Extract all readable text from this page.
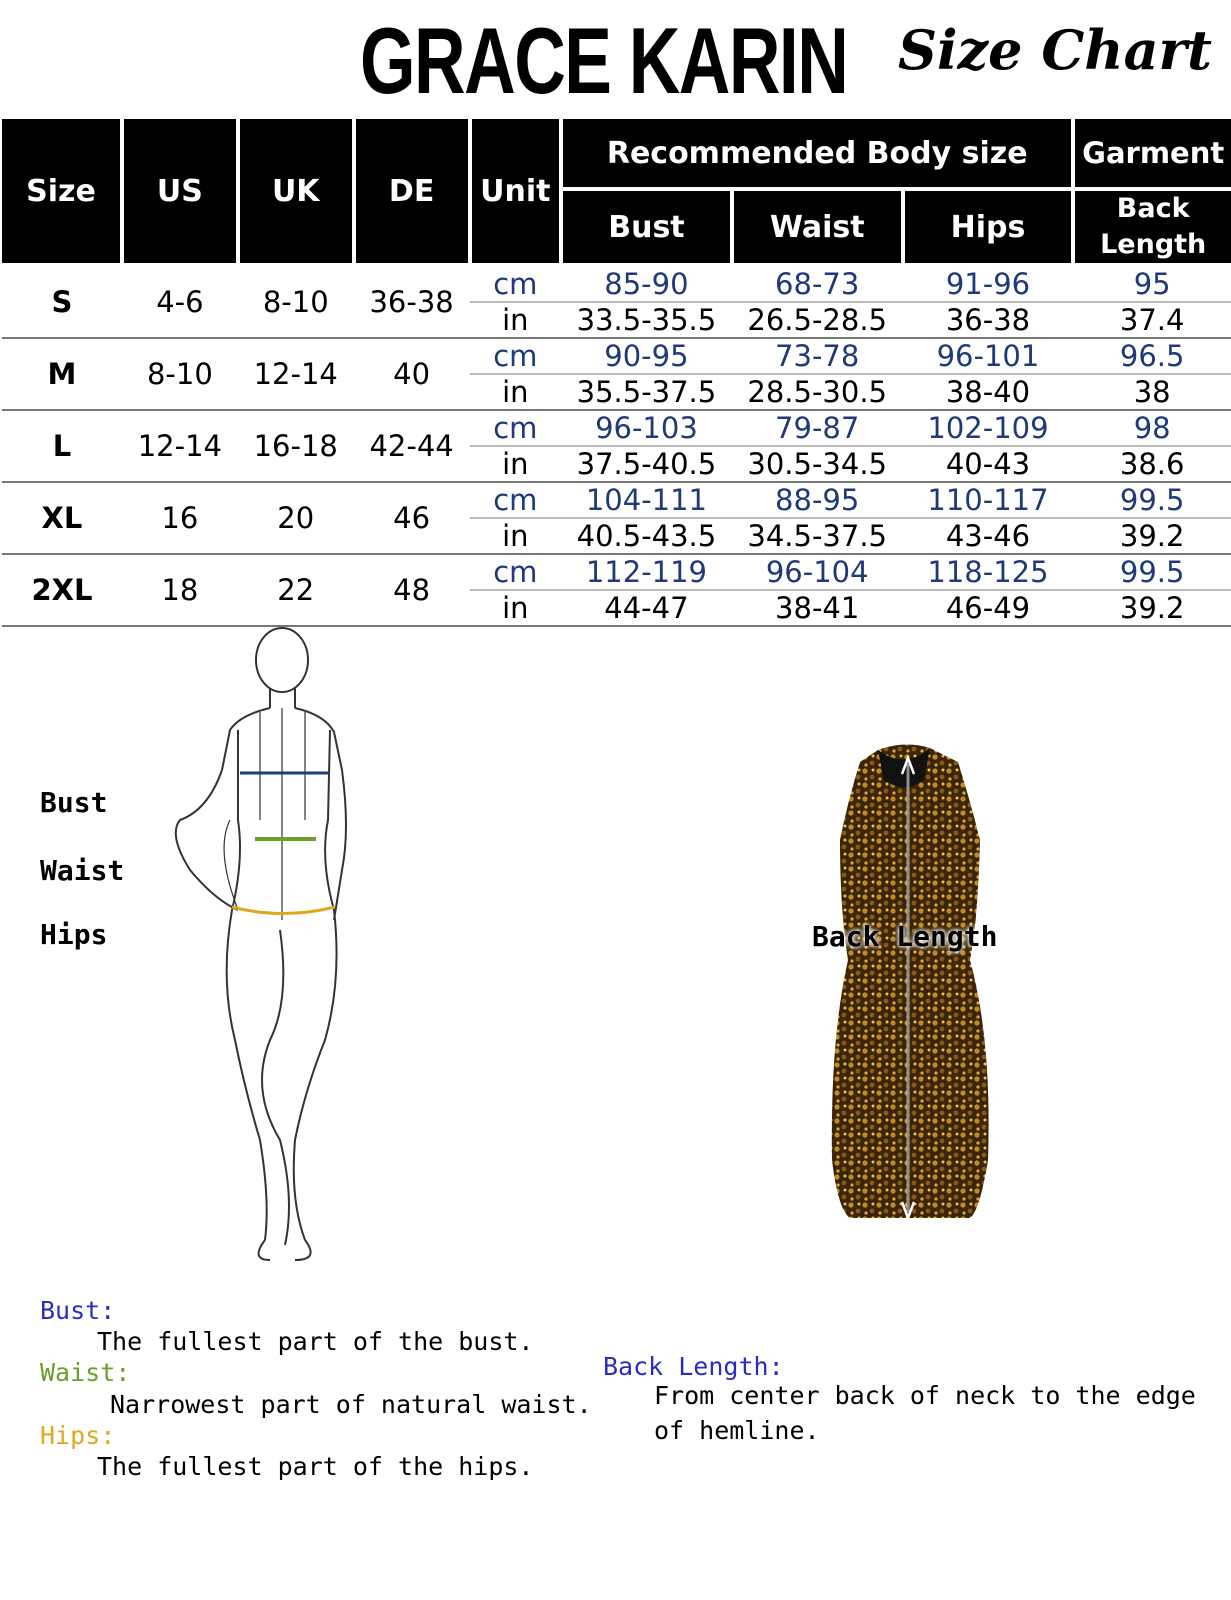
GRACE KARIN Size Chart
Size	US	UK	DE	Unit	Recommended Body size			Garment
					Bust	Waist	Hips	Back Length
S	4-6	8-10	36-38	cm	85-90	68-73	91-96	95
				in	33.5-35.5	26.5-28.5	36-38	37.4
M	8-10	12-14	40	cm	90-95	73-78	96-101	96.5
				in	35.5-37.5	28.5-30.5	38-40	38
L	12-14	16-18	42-44	cm	96-103	79-87	102-109	98
				in	37.5-40.5	30.5-34.5	40-43	38.6
XL	16	20	46	cm	104-111	88-95	110-117	99.5
				in	40.5-43.5	34.5-37.5	43-46	39.2
2XL	18	22	48	cm	112-119	96-104	118-125	99.5
				in	44-47	38-41	46-49	39.2
Bust
Waist
Hips	Back Length
Bust:
The fullest part of the bust.
Waist:
Narrowest part of natural waist.
Hips:
The fullest part of the hips.
Back Length:
From center back of neck to the edge
of hemline.
